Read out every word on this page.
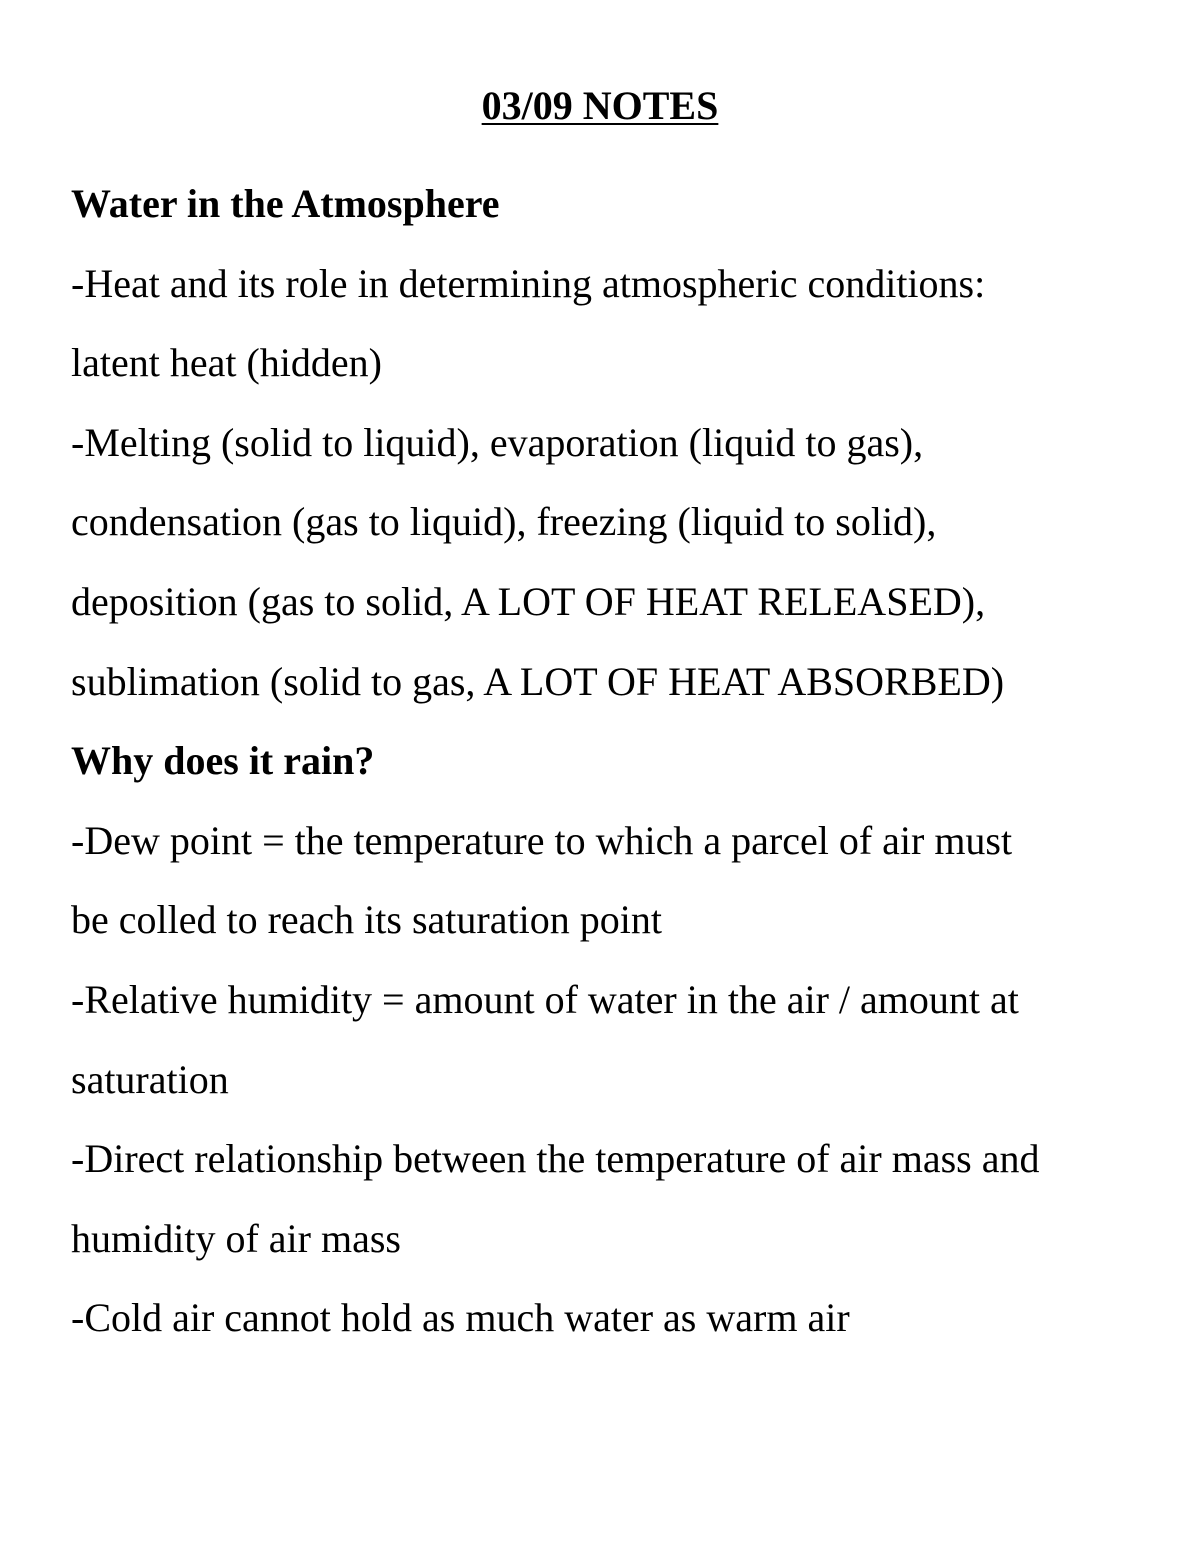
03/09 NOTES
Water in the Atmosphere
-Heat and its role in determining atmospheric conditions:
latent heat (hidden)
-Melting (solid to liquid), evaporation (liquid to gas),
condensation (gas to liquid), freezing (liquid to solid),
deposition (gas to solid, A LOT OF HEAT RELEASED),
sublimation (solid to gas, A LOT OF HEAT ABSORBED)
Why does it rain?
-Dew point = the temperature to which a parcel of air must
be colled to reach its saturation point
-Relative humidity = amount of water in the air / amount at
saturation
-Direct relationship between the temperature of air mass and
humidity of air mass
-Cold air cannot hold as much water as warm air
